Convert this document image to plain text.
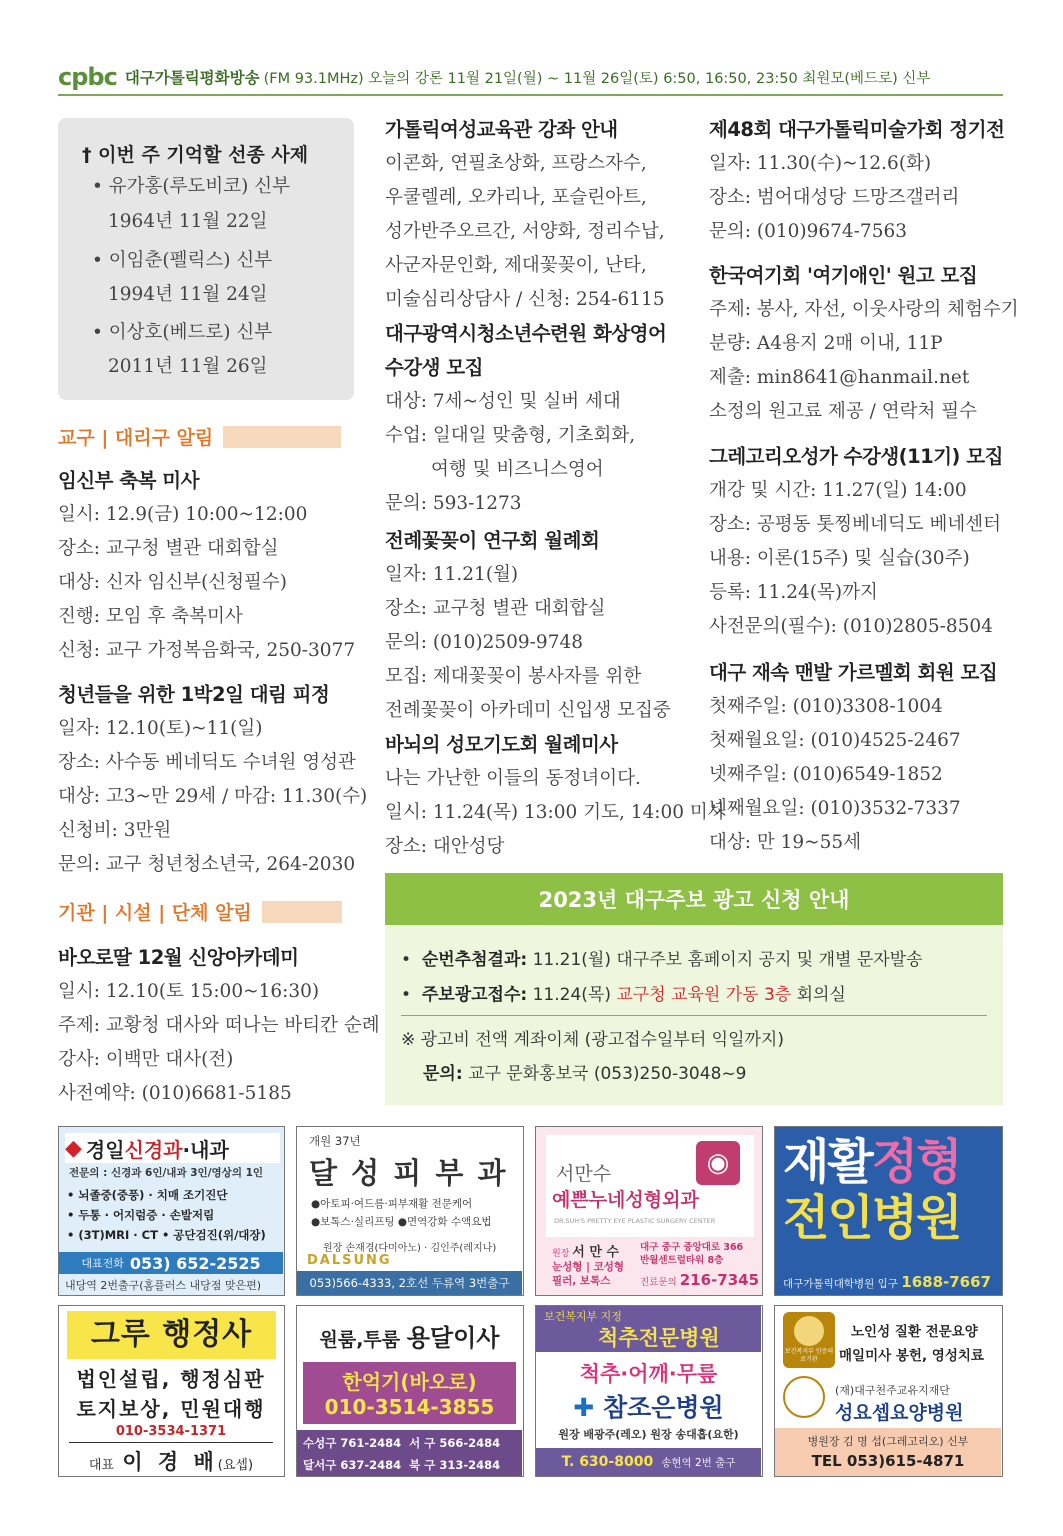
cpbc 대구가톨릭평화방송 (FM 93.1MHz) 오늘의 강론 11월 21일(월) ~ 11월 26일(토) 6:50, 16:50, 23:50 최원모(베드로) 신부
† 이번 주 기억할 선종 사제
• 유가홍(루도비코) 신부
1964년 11월 22일
• 이임춘(펠릭스) 신부
1994년 11월 24일
• 이상호(베드로) 신부
2011년 11월 26일
교구 | 대리구 알림
임신부 축복 미사
일시: 12.9(금) 10:00~12:00
장소: 교구청 별관 대회합실
대상: 신자 임신부(신청필수)
진행: 모임 후 축복미사
신청: 교구 가정복음화국, 250-3077
청년들을 위한 1박2일 대림 피정
일자: 12.10(토)~11(일)
장소: 사수동 베네딕도 수녀원 영성관
대상: 고3~만 29세 / 마감: 11.30(수)
신청비: 3만원
문의: 교구 청년청소년국, 264-2030
기관 | 시설 | 단체 알림
바오로딸 12월 신앙아카데미
일시: 12.10(토 15:00~16:30)
주제: 교황청 대사와 떠나는 바티칸 순례
강사: 이백만 대사(전)
사전예약: (010)6681-5185
가톨릭여성교육관 강좌 안내
이콘화, 연필초상화, 프랑스자수,
우쿨렐레, 오카리나, 포슬린아트,
성가반주오르간, 서양화, 정리수납,
사군자문인화, 제대꽃꽂이, 난타,
미술심리상담사 / 신청: 254-6115
대구광역시청소년수련원 화상영어
수강생 모집
대상: 7세~성인 및 실버 세대
수업: 일대일 맞춤형, 기초회화,
여행 및 비즈니스영어
문의: 593-1273
전례꽃꽂이 연구회 월례회
일자: 11.21(월)
장소: 교구청 별관 대회합실
문의: (010)2509-9748
모집: 제대꽃꽂이 봉사자를 위한
전례꽃꽂이 아카데미 신입생 모집중
바뇌의 성모기도회 월례미사
나는 가난한 이들의 동정녀이다.
일시: 11.24(목) 13:00 기도, 14:00 미사
장소: 대안성당
제48회 대구가톨릭미술가회 정기전
일자: 11.30(수)~12.6(화)
장소: 범어대성당 드망즈갤러리
문의: (010)9674-7563
한국여기회 '여기애인' 원고 모집
주제: 봉사, 자선, 이웃사랑의 체험수기
분량: A4용지 2매 이내, 11P
제출: min8641@hanmail.net
소정의 원고료 제공 / 연락처 필수
그레고리오성가 수강생(11기) 모집
개강 및 시간: 11.27(일) 14:00
장소: 공평동 톳찡베네딕도 베네센터
내용: 이론(15주) 및 실습(30주)
등록: 11.24(목)까지
사전문의(필수): (010)2805-8504
대구 재속 맨발 가르멜회 회원 모집
첫째주일: (010)3308-1004
첫째월요일: (010)4525-2467
넷째주일: (010)6549-1852
넷째월요일: (010)3532-7337
대상: 만 19~55세
2023년 대구주보 광고 신청 안내
•  순번추첨결과: 11.21(월) 대구주보 홈페이지 공지 및 개별 문자발송
•  주보광고접수: 11.24(목) 교구청 교육원 가동 3층 회의실
※ 광고비 전액 계좌이체 (광고접수일부터 익일까지)
문의: 교구 문화홍보국 (053)250-3048~9
◆ 경일 신경과 ·내과
전문의 : 신경과 6인/내과 3인/영상의 1인
• 뇌졸중(중풍) · 치매 조기진단
• 두통 · 어지럼증 · 손발저림
• (3T)MRI · CT • 공단검진(위/대장)
대표전화 053) 652-2525
내당역 2번출구(홈플러스 내당점 맞은편)
개원 37년
달 성 피 부 과
●아토피·여드름·피부재활 전문케어
●보톡스·실리프팅 ●면역강화 수액요법
원장 손재경(다미아노) · 김인주(레지나)
DALSUNG
053)566-4333, 2호선 두류역 3번출구
서만수
예쁜누네성형외과
◉
DR.SUH'S PRETTY EYE PLASTIC SURGERY CENTER
원장 서 만 수
눈성형 | 코성형
필러, 보톡스
대구 중구 중앙대로 366
반월센트럴타워 8층
진료문의 216-7345
재활정형
전인병원
대구가톨릭대학병원 입구 1688-7667
그루 행정사
법인설립, 행정심판
토지보상, 민원대행
010-3534-1371
대표 이 경 배(요셉)
원룸,투룸 용달이사
한억기(바오로)
010-3514-3855
수성구 761-2484 서 구 566-2484
달서구 637-2484 북 구 313-2484
보건복지부 지정
척추전문병원
척추·어깨·무릎
✚ 참조은병원
원장 배광주(레오) 원장 송대흡(요한)
T. 630-8000 송현역 2번 출구
보건복지부 인증의료기관
노인성 질환 전문요양
매일미사 봉헌, 영성치료
(재)대구천주교유지재단
성요셉요양병원
병원장 김 명 섭(그레고리오) 신부
TEL 053)615-4871
